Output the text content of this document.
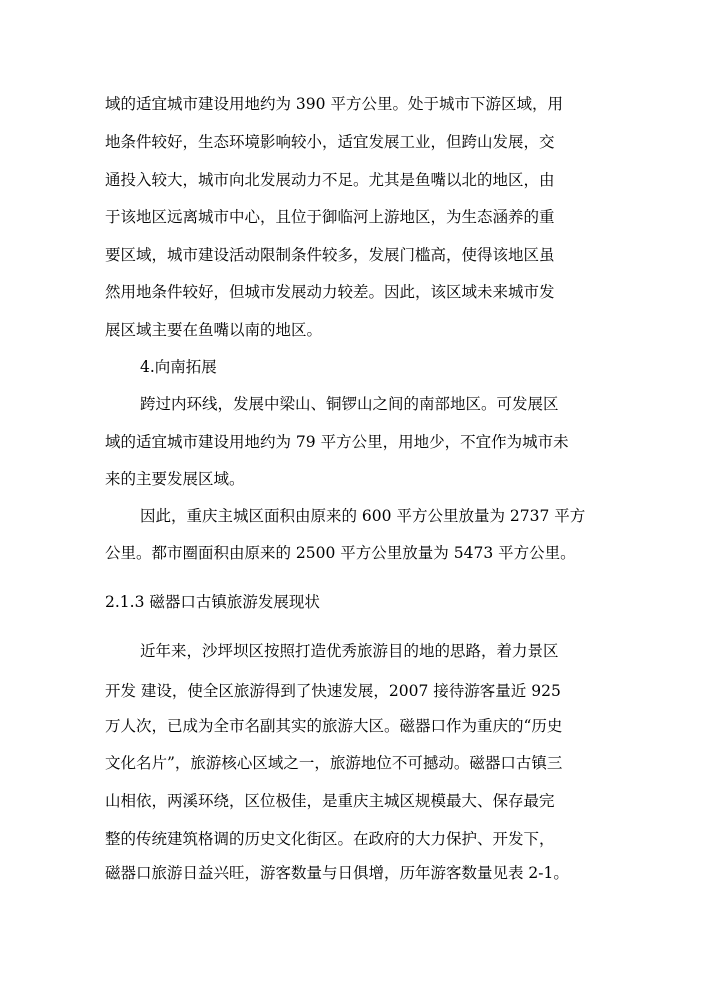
域的适宜城市建设用地约为 390 平方公里。处于城市下游区域，用
地条件较好，生态环境影响较小，适宜发展工业，但跨山发展，交
通投入较大，城市向北发展动力不足。尤其是鱼嘴以北的地区，由
于该地区远离城市中心，且位于御临河上游地区，为生态涵养的重
要区域，城市建设活动限制条件较多，发展门槛高，使得该地区虽
然用地条件较好，但城市发展动力较差。因此，该区域未来城市发
展区域主要在鱼嘴以南的地区。
4.向南拓展
跨过内环线，发展中梁山、铜锣山之间的南部地区。可发展区
域的适宜城市建设用地约为 79 平方公里，用地少，不宜作为城市未
来的主要发展区域。
因此，重庆主城区面积由原来的 600 平方公里放量为 2737 平方
公里。都市圈面积由原来的 2500 平方公里放量为 5473 平方公里。
2.1.3 磁器口古镇旅游发展现状
近年来，沙坪坝区按照打造优秀旅游目的地的思路，着力景区
开发 建设，使全区旅游得到了快速发展，2007 接待游客量近 925
万人次，已成为全市名副其实的旅游大区。磁器口作为重庆的“历史
文化名片”，旅游核心区域之一，旅游地位不可撼动。磁器口古镇三
山相依，两溪环绕，区位极佳，是重庆主城区规模最大、保存最完
整的传统建筑格调的历史文化街区。在政府的大力保护、开发下，
磁器口旅游日益兴旺，游客数量与日俱增，历年游客数量见表 2-1。
